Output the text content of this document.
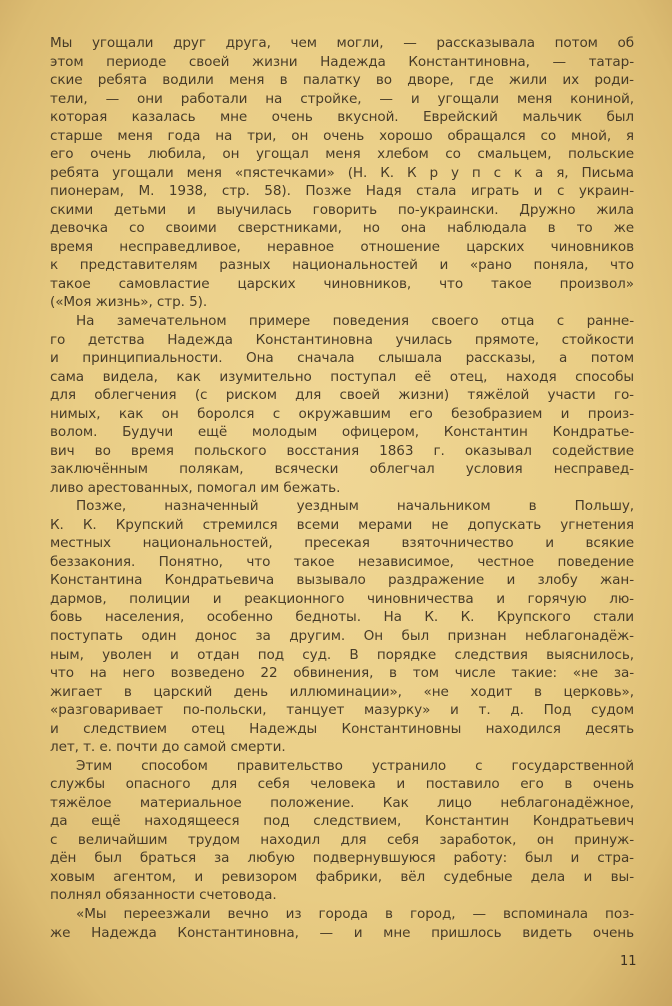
Мы угощали друг друга, чем могли, — рассказывала потом об
этом периоде своей жизни Надежда Константиновна, — татар-
ские ребята водили меня в палатку во дворе, где жили их роди-
тели, — они работали на стройке, — и угощали меня кониной,
которая казалась мне очень вкусной. Еврейский мальчик был
старше меня года на три, он очень хорошо обращался со мной, я
его очень любила, он угощал меня хлебом со смальцем, польские
ребята угощали меня «пястечками» (Н. К. К р у п с к а я, Письма
пионерам, М. 1938, стр. 58). Позже Надя стала играть и с украин-
скими детьми и выучилась говорить по-украински. Дружно жила
девочка со своими сверстниками, но она наблюдала в то же
время несправедливое, неравное отношение царских чиновников
к представителям разных национальностей и «рано поняла, что
такое самовластие царских чиновников, что такое произвол»
(«Моя жизнь», стр. 5).
На замечательном примере поведения своего отца с ранне-
го детства Надежда Константиновна училась прямоте, стойкости
и принципиальности. Она сначала слышала рассказы, а потом
сама видела, как изумительно поступал её отец, находя способы
для облегчения (с риском для своей жизни) тяжёлой участи го-
нимых, как он боролся с окружавшим его безобразием и произ-
волом. Будучи ещё молодым офицером, Константин Кондратье-
вич во время польского восстания 1863 г. оказывал содействие
заключённым полякам, всячески облегчал условия несправед-
ливо арестованных, помогал им бежать.
Позже, назначенный уездным начальником в Польшу,
К. К. Крупский стремился всеми мерами не допускать угнетения
местных национальностей, пресекая взяточничество и всякие
беззакония. Понятно, что такое независимое, честное поведение
Константина Кондратьевича вызывало раздражение и злобу жан-
дармов, полиции и реакционного чиновничества и горячую лю-
бовь населения, особенно бедноты. На К. К. Крупского стали
поступать один донос за другим. Он был признан неблагонадёж-
ным, уволен и отдан под суд. В порядке следствия выяснилось,
что на него возведено 22 обвинения, в том числе такие: «не за-
жигает в царский день иллюминации», «не ходит в церковь»,
«разговаривает по-польски, танцует мазурку» и т. д. Под судом
и следствием отец Надежды Константиновны находился десять
лет, т. е. почти до самой смерти.
Этим способом правительство устранило с государственной
службы опасного для себя человека и поставило его в очень
тяжёлое материальное положение. Как лицо неблагонадёжное,
да ещё находящееся под следствием, Константин Кондратьевич
с величайшим трудом находил для себя заработок, он принуж-
дён был браться за любую подвернувшуюся работу: был и стра-
ховым агентом, и ревизором фабрики, вёл судебные дела и вы-
полнял обязанности счетовода.
«Мы переезжали вечно из города в город, — вспоминала поз-
же Надежда Константиновна, — и мне пришлось видеть очень
11
